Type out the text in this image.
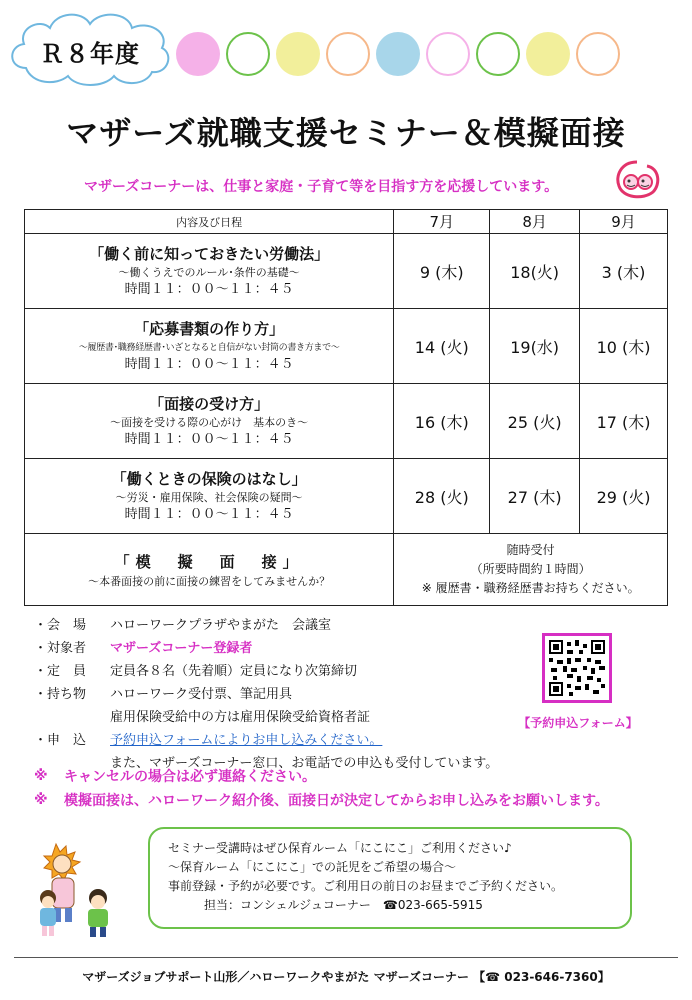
Ｒ８年度
マザーズ就職支援セミナー＆模擬面接
マザーズコーナーは、仕事と家庭・子育て等を目指す方を応援しています。
内容及び日程	7月	8月	9月

「働く前に知っておきたい労働法」
～働くうえでのルール･条件の基礎～
時間１１：００～１１：４５	9 (木)	18(火)	3 (木)

「応募書類の作り方」
～履歴書･職務経歴書･いざとなると自信がない封筒の書き方まで～
時間１１：００～１１：４５	14 (火)	19(水)	10 (木)

「面接の受け方」
～面接を受ける際の心がけ　基本のき～
時間１１：００～１１：４５	16 (木)	25 (火)	17 (木)

「働くときの保険のはなし」
～労災・雇用保険、社会保険の疑問～
時間１１：００～１１：４５	28 (火)	27 (木)	29 (火)

「模　擬　面　接」
～本番面接の前に面接の練習をしてみませんか？	随時受付
（所要時間約１時間）
※ 履歴書・職務経歴書お持ちください。		
・会　場	ハローワークプラザやまがた　会議室
・対象者	マザーズコーナー登録者
・定　員	定員各８名（先着順）定員になり次第締切
・持ち物	ハローワーク受付票、筆記用具
雇用保険受給中の方は雇用保険受給資格者証
・申　込	予約申込フォームによりお申し込みください。
また、マザーズコーナー窓口、お電話での申込も受付しています。
【予約申込フォーム】
※	キャンセルの場合は必ず連絡ください。
※	模擬面接は、ハローワーク紹介後、面接日が決定してからお申し込みをお願いします。
セミナー受講時はぜひ保育ルーム「にこにこ」ご利用ください♪
～保育ルーム「にこにこ」での託児をご希望の場合～
事前登録・予約が必要です。ご利用日の前日のお昼までご予約ください。
担当：コンシェルジュコーナー　☎023-665-5915
マザーズジョブサポート山形／ハローワークやまがた マザーズコーナー 【☎ 023-646-7360】
